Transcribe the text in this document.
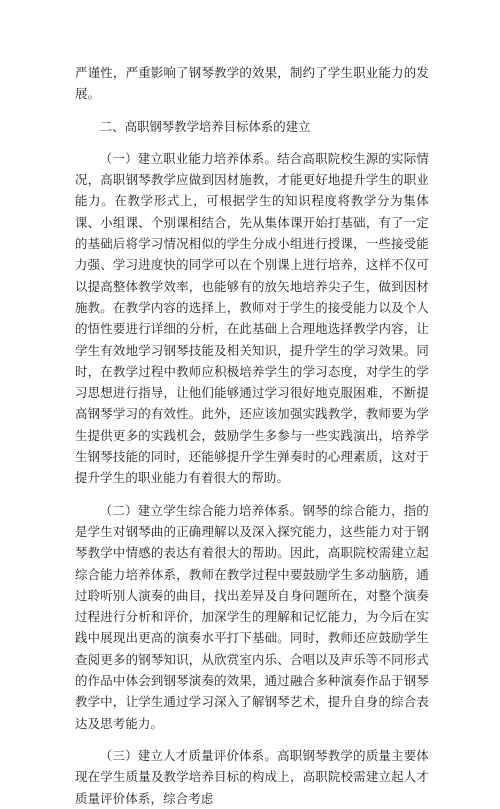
严谨性，严重影响了钢琴教学的效果，制约了学生职业能力的发展。

二、高职钢琴教学培养目标体系的建立

（一）建立职业能力培养体系。结合高职院校生源的实际情况，高职钢琴教学应做到因材施教，才能更好地提升学生的职业能力。在教学形式上，可根据学生的知识程度将教学分为集体课、小组课、个别课相结合，先从集体课开始打基础，有了一定的基础后将学习情况相似的学生分成小组进行授课，一些接受能力强、学习进度快的同学可以在个别课上进行培养，这样不仅可以提高整体教学效率，也能够有的放矢地培养尖子生，做到因材施教。在教学内容的选择上，教师对于学生的接受能力以及个人的悟性要进行详细的分析，在此基础上合理地选择教学内容，让学生有效地学习钢琴技能及相关知识，提升学生的学习效果。同时，在教学过程中教师应积极培养学生的学习态度，对学生的学习思想进行指导，让他们能够通过学习很好地克服困难，不断提高钢琴学习的有效性。此外，还应该加强实践教学，教师要为学生提供更多的实践机会，鼓励学生多参与一些实践演出，培养学生钢琴技能的同时，还能够提升学生弹奏时的心理素质，这对于提升学生的职业能力有着很大的帮助。

（二）建立学生综合能力培养体系。钢琴的综合能力，指的是学生对钢琴曲的正确理解以及深入探究能力，这些能力对于钢琴教学中情感的表达有着很大的帮助。因此，高职院校需建立起综合能力培养体系，教师在教学过程中要鼓励学生多动脑筋，通过聆听别人演奏的曲目，找出差异及自身问题所在，对整个演奏过程进行分析和评价，加深学生的理解和记忆能力，为今后在实践中展现出更高的演奏水平打下基础。同时，教师还应鼓励学生查阅更多的钢琴知识，从欣赏室内乐、合唱以及声乐等不同形式的作品中体会到钢琴演奏的效果，通过融合多种演奏作品于钢琴教学中，让学生通过学习深入了解钢琴艺术，提升自身的综合表达及思考能力。

（三）建立人才质量评价体系。高职钢琴教学的质量主要体现在学生质量及教学培养目标的构成上，高职院校需建立起人才质量评价体系，综合考虑
